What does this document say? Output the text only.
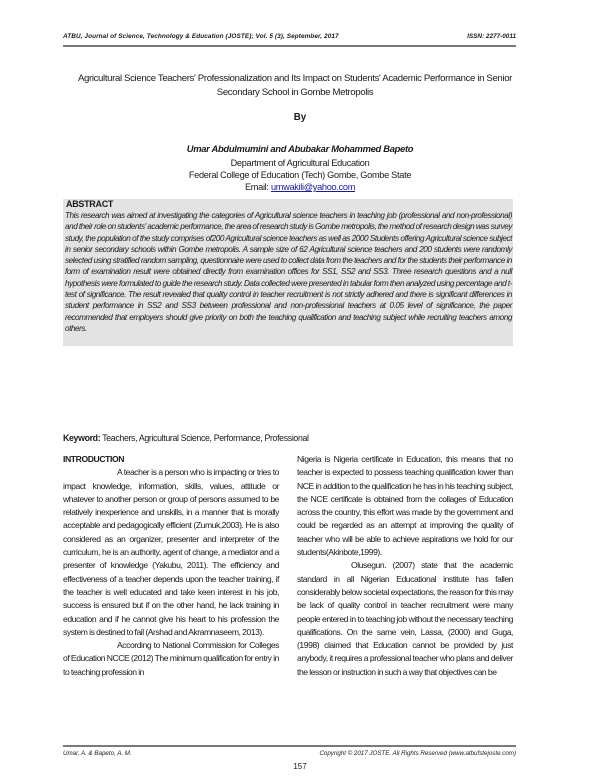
ATBU, Journal of Science, Technology & Education (JOSTE); Vol. 5 (3), September, 2017	ISSN: 2277-0011
Agricultural Science Teachers' Professionalization and Its Impact on Students' Academic Performance in Senior Secondary School in Gombe Metropolis
By
Umar Abdulmumini and Abubakar Mohammed Bapeto
Department of Agricultural Education
Federal College of Education (Tech) Gombe, Gombe State
Email: umwakili@yahoo.com
ABSTRACT
This research was aimed at investigating the categories of Agricultural science teachers in teaching job (professional and non-professional) and their role on students' academic performance, the area of research study is Gombe metropolis, the method of research design was survey study, the population of the study comprises of200 Agricultural science teachers as well as 2000 Students offering Agricultural science subject in senior secondary schools within Gombe metropolis. A sample size of 62 Agricultural science teachers and 200 students were randomly selected using stratified random sampling, questionnaire were used to collect data from the teachers and for the students their performance in form of examination result were obtained directly from examination offices for SS1, SS2 and SS3. Three research questions and a null hypothesis were formulated to guide the research study. Data collected were presented in tabular form then analyzed using percentage and t-test of significance. The result revealed that quality control in teacher recruitment is not strictly adhered and there is significant differences in student performance in SS2 and SS3 between professional and non-professional teachers at 0.05 level of significance, the paper recommended that employers should give priority on both the teaching qualification and teaching subject while recruiting teachers among others.
Keyword: Teachers, Agricultural Science, Performance, Professional

INTRODUCTION

A teacher is a person who is impacting or tries to impact knowledge, information, skills, values, attitude or whatever to another person or group of persons assumed to be relatively inexperience and unskills, in a manner that is morally acceptable and pedagogically efficient (Zumuk,2003). He is also considered as an organizer, presenter and interpreter of the curriculum, he is an authority, agent of change, a mediator and a presenter of knowledge (Yakubu, 2011). The efficiency and effectiveness of a teacher depends upon the teacher training, if the teacher is well educated and take keen interest in his job, success is ensured but if on the other hand, he lack training in education and if he cannot give his heart to his profession the system is destined to fail (Arshad and Akramnaseem, 2013).

According to National Commission for Colleges of Education NCCE (2012) The minimum qualification for entry in to teaching profession in

Nigeria is Nigeria certificate in Education, this means that no teacher is expected to possess teaching qualification lower than NCE in addition to the qualification he has in his teaching subject, the NCE certificate is obtained from the collages of Education across the country, this effort was made by the government and could be regarded as an attempt at improving the quality of teacher who will be able to achieve aspirations we hold for our students(Akinbote,1999).

Olusegun. (2007) state that the academic standard in all Nigerian Educational institute has fallen considerably below societal expectations, the reason for this may be lack of quality control in teacher recruitment were many people entered in to teaching job without the necessary teaching qualifications. On the same vein, Lassa, (2000) and Guga, (1998) claimed that Education cannot be provided by just anybody, it requires a professional teacher who plans and deliver the lesson or instruction in such a way that objectives can be

Umar, A. & Bapeto, A. M.	Copyright © 2017 JOSTE. All Rights Reserved (www.atbufstejoste.com)
157
